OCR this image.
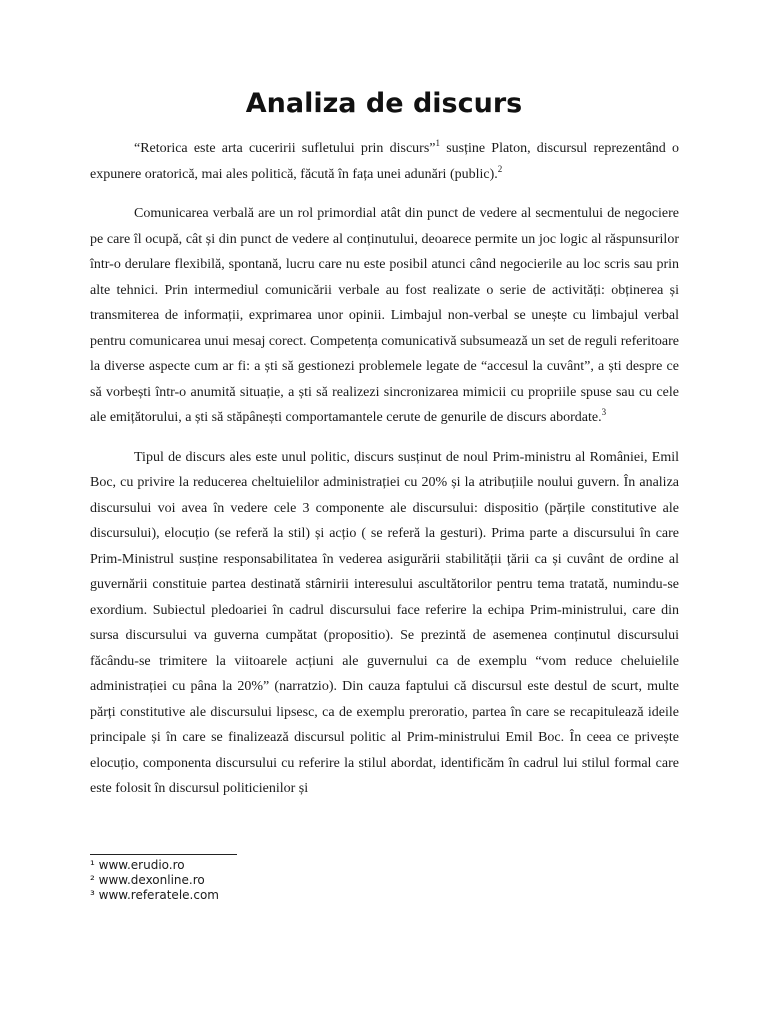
Analiza de discurs

“Retorica este arta cuceririi sufletului prin discurs”$^1$ susține Platon, discursul reprezentând o expunere oratorică, mai ales politică, făcută în fața unei adunări (public).$^2$

Comunicarea verbală are un rol primordial atât din punct de vedere al secmentului de negociere pe care îl ocupă, cât și din punct de vedere al conținutului, deoarece permite un joc logic al răspunsurilor într-o derulare flexibilă, spontană, lucru care nu este posibil atunci când negocierile au loc scris sau prin alte tehnici. Prin intermediul comunicării verbale au fost realizate o serie de activități: obținerea și transmiterea de informații, exprimarea unor opinii. Limbajul non-verbal se unește cu limbajul verbal pentru comunicarea unui mesaj corect. Competența comunicativă subsumează un set de reguli referitoare la diverse aspecte cum ar fi: a ști să gestionezi problemele legate de “accesul la cuvânt”, a ști despre ce să vorbești într-o anumită situație, a ști să realizezi sincronizarea mimicii cu propriile spuse sau cu cele ale emițătorului, a ști să stăpânești comportamantele cerute de genurile de discurs abordate.$^3$

Tipul de discurs ales este unul politic, discurs susținut de noul Prim-ministru al României, Emil Boc, cu privire la reducerea cheltuielilor administrației cu 20% și la atribuțiile noului guvern. În analiza discursului voi avea în vedere cele 3 componente ale discursului: dispositio (părțile constitutive ale discursului), elocuțio (se referă la stil) și acțio ( se referă la gesturi). Prima parte a discursului în care Prim-Ministrul susține responsabilitatea în vederea asigurării stabilității țării ca și cuvânt de ordine al guvernării constituie partea destinată stârnirii interesului ascultătorilor pentru tema tratată, numindu-se exordium. Subiectul pledoariei în cadrul discursului face referire la echipa Prim-ministrului, care din sursa discursului va guverna cumpătat (propositio). Se prezintă de asemenea conținutul discursului făcându-se trimitere la viitoarele acțiuni ale guvernului ca de exemplu “vom reduce cheluielile administrației cu pâna la 20%” (narratzio). Din cauza faptului că discursul este destul de scurt, multe părți constitutive ale discursului lipsesc, ca de exemplu preroratio, partea în care se recapitulează ideile principale și în care se finalizează discursul politic al Prim-ministrului Emil Boc. În ceea ce privește elocuțio, componenta discursului cu referire la stilul abordat, identificăm în cadrul lui stilul formal care este folosit în discursul politicienilor și

¹ www.erudio.ro

² www.dexonline.ro

³ www.referatele.com
